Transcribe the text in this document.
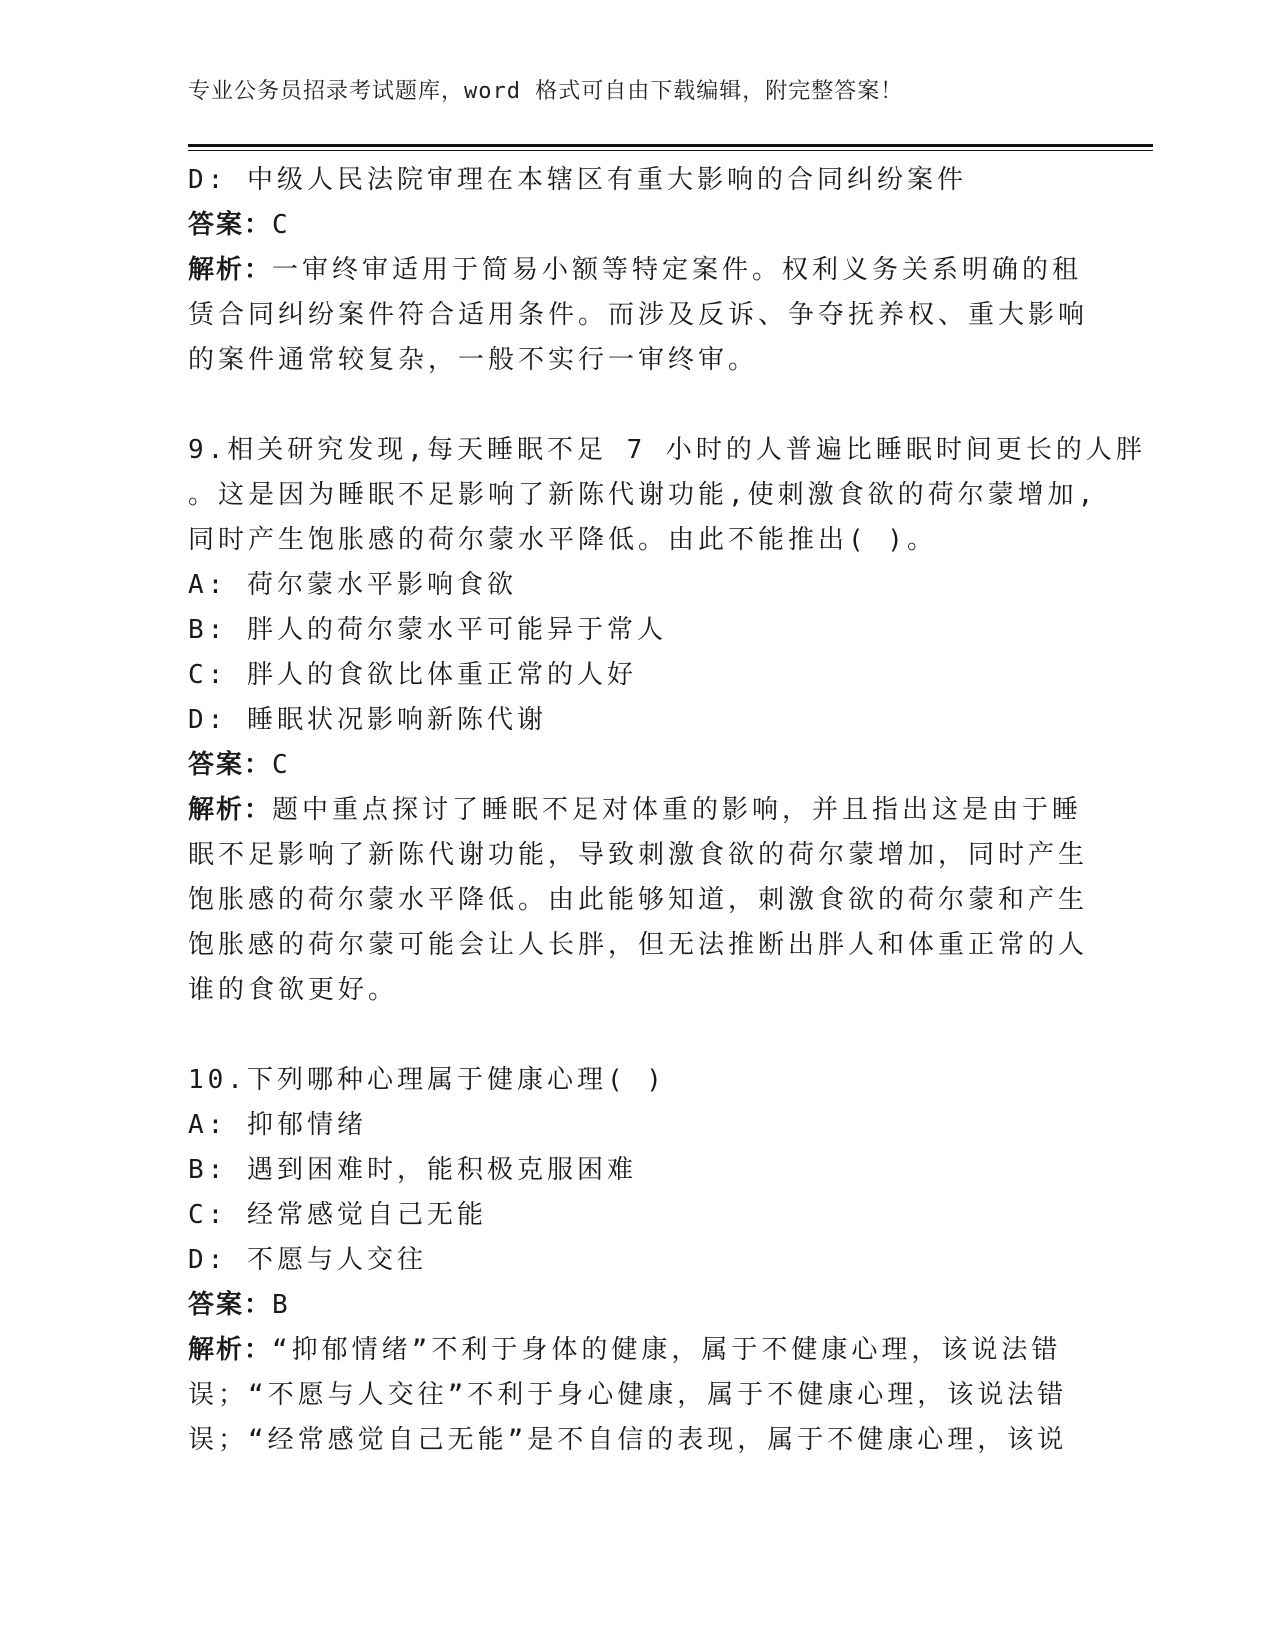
专业公务员招录考试题库，word 格式可自由下载编辑，附完整答案！
D: 中级人民法院审理在本辖区有重大影响的合同纠纷案件
答案：C
解析：一审终审适用于简易小额等特定案件。权利义务关系明确的租
赁合同纠纷案件符合适用条件。而涉及反诉、争夺抚养权、重大影响
的案件通常较复杂，一般不实行一审终审。
9.相关研究发现,每天睡眠不足 7 小时的人普遍比睡眠时间更长的人胖
。这是因为睡眠不足影响了新陈代谢功能,使刺激食欲的荷尔蒙增加,
同时产生饱胀感的荷尔蒙水平降低。由此不能推出( )。
A: 荷尔蒙水平影响食欲
B: 胖人的荷尔蒙水平可能异于常人
C: 胖人的食欲比体重正常的人好
D: 睡眠状况影响新陈代谢
答案：C
解析：题中重点探讨了睡眠不足对体重的影响，并且指出这是由于睡
眠不足影响了新陈代谢功能，导致刺激食欲的荷尔蒙增加，同时产生
饱胀感的荷尔蒙水平降低。由此能够知道，刺激食欲的荷尔蒙和产生
饱胀感的荷尔蒙可能会让人长胖，但无法推断出胖人和体重正常的人
谁的食欲更好。
10.下列哪种心理属于健康心理( )
A: 抑郁情绪
B: 遇到困难时，能积极克服困难
C: 经常感觉自己无能
D: 不愿与人交往
答案：B
解析：“抑郁情绪”不利于身体的健康，属于不健康心理，该说法错
误；“不愿与人交往”不利于身心健康，属于不健康心理，该说法错
误；“经常感觉自己无能”是不自信的表现，属于不健康心理，该说
